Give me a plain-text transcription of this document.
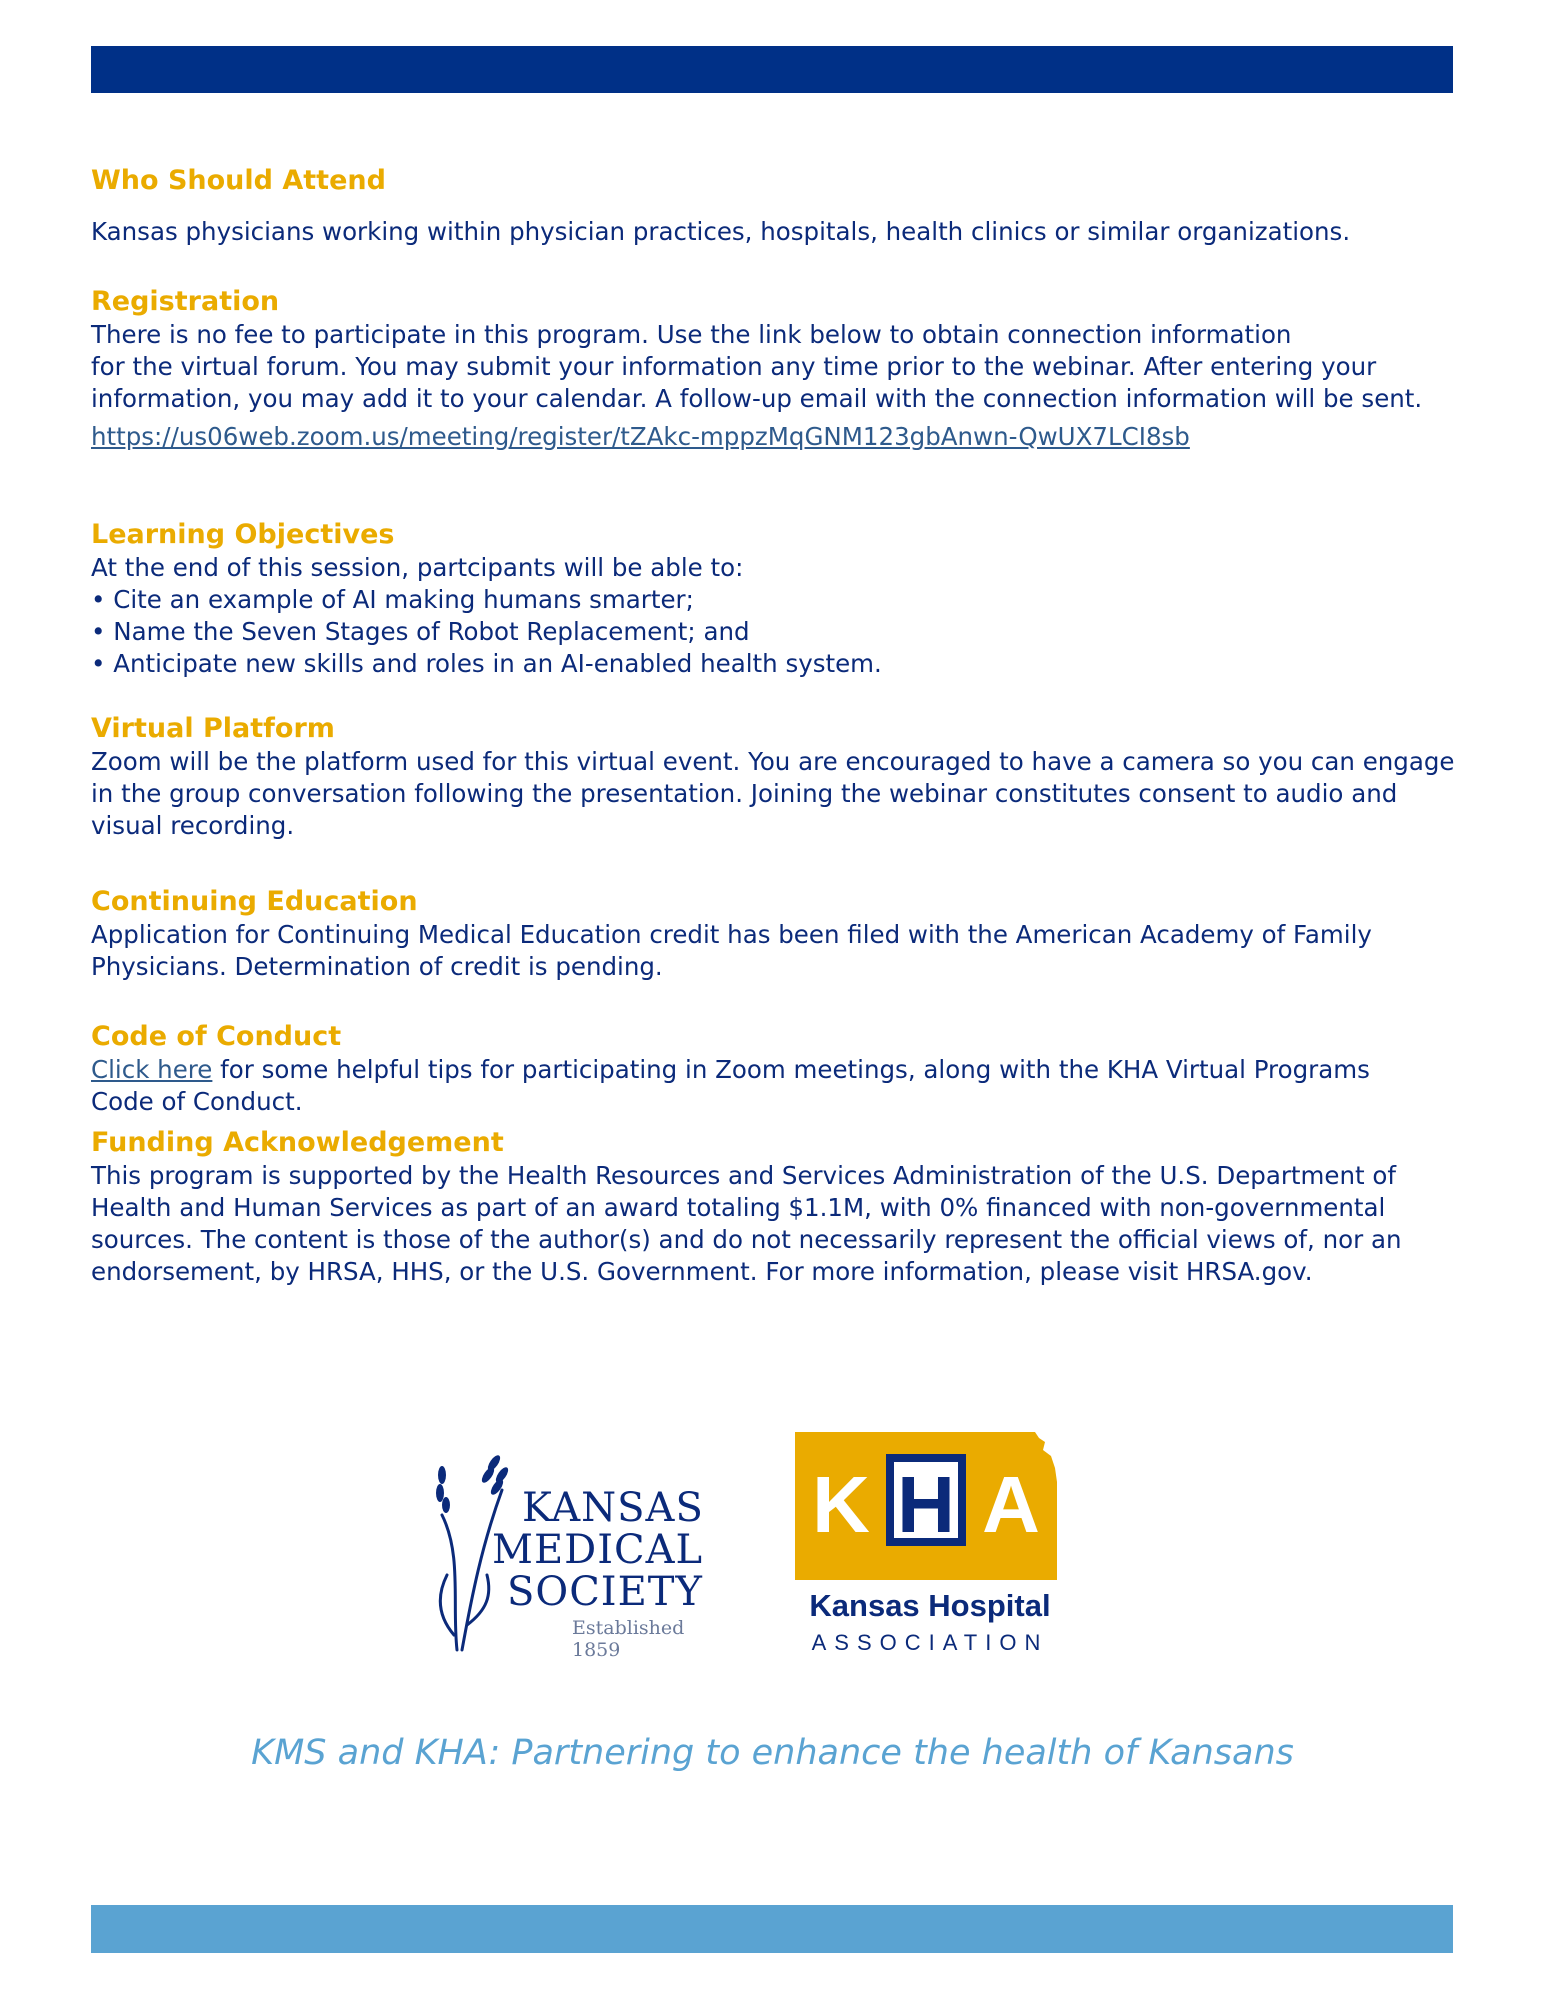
Who Should Attend

Kansas physicians working within physician practices, hospitals, health clinics or similar organizations.

Registration

There is no fee to participate in this program. Use the link below to obtain connection information

for the virtual forum. You may submit your information any time prior to the webinar. After entering your

information, you may add it to your calendar. A follow-up email with the connection information will be sent.

https://us06web.zoom.us/meeting/register/tZAkc-mppzMqGNM123gbAnwn-QwUX7LCI8sb

Learning Objectives

At the end of this session, partcipants will be able to:

• Cite an example of AI making humans smarter;
• Name the Seven Stages of Robot Replacement; and
• Anticipate new skills and roles in an AI-enabled health system.
Virtual Platform

Zoom will be the platform used for this virtual event. You are encouraged to have a camera so you can engage

in the group conversation following the presentation. Joining the webinar constitutes consent to audio and

visual recording.

Continuing Education

Application for Continuing Medical Education credit has been filed with the American Academy of Family

Physicians. Determination of credit is pending.

Code of Conduct

Click here for some helpful tips for participating in Zoom meetings, along with the KHA Virtual Programs

Code of Conduct.

Funding Acknowledgement

This program is supported by the Health Resources and Services Administration of the U.S. Department of

Health and Human Services as part of an award totaling $1.1M, with 0% financed with non-governmental

sources. The content is those of the author(s) and do not necessarily represent the official views of, nor an

endorsement, by HRSA, HHS, or the U.S. Government. For more information, please visit HRSA.gov.

KANSAS
MEDICAL
SOCIETY
Established 1859
K H A
Kansas Hospital
ASSOCIATION
KMS and KHA: Partnering to enhance the health of Kansans
